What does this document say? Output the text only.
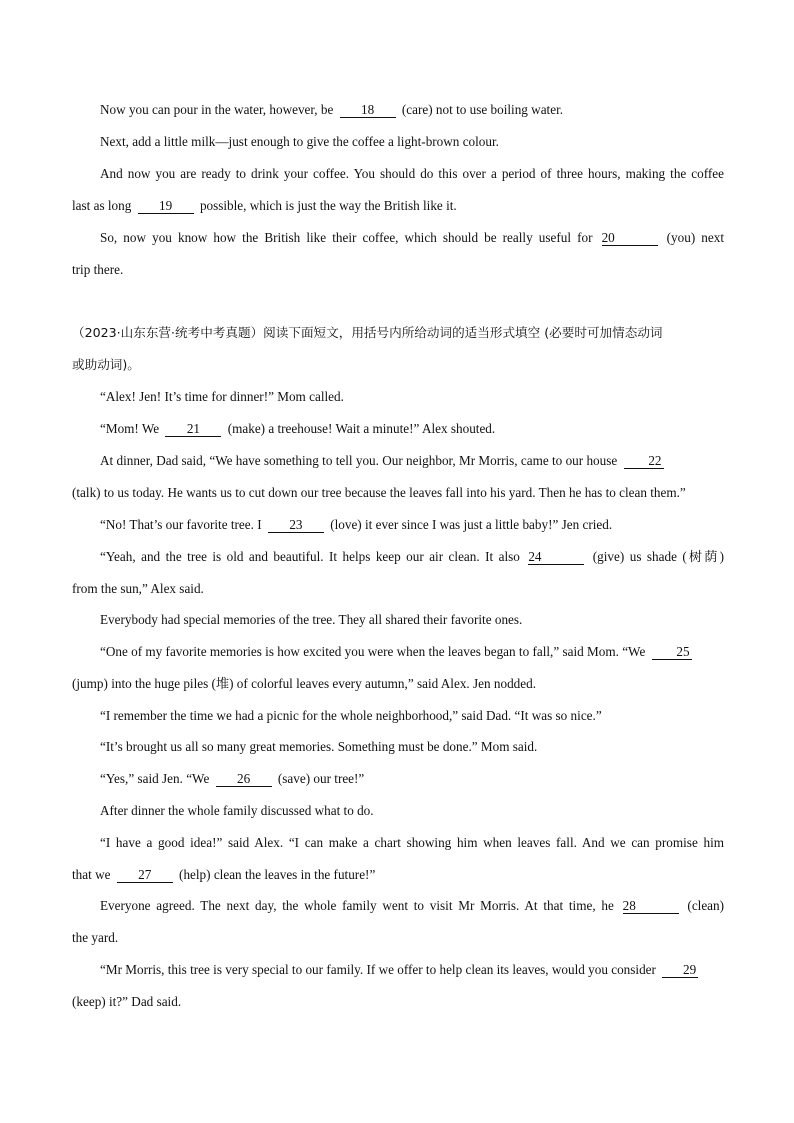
Now you can pour in the water, however, be 18 (care) not to use boiling water.
Next, add a little milk—just enough to give the coffee a light-brown colour.
And now you are ready to drink your coffee. You should do this over a period of three hours, making the coffee
last as long 19 possible, which is just the way the British like it.
So, now you know how the British like their coffee, which should be really useful for 20	(you) next
trip there.
（2023·山东东营·统考中考真题）阅读下面短文，用括号内所给动词的适当形式填空 (必要时可加情态动词
或助动词)。
“Alex! Jen! It’s time for dinner!” Mom called.
“Mom! We 21 (make) a treehouse! Wait a minute!” Alex shouted.
At dinner, Dad said, “We have something to tell you. Our neighbor, Mr Morris, came to our house 22
(talk) to us today. He wants us to cut down our tree because the leaves fall into his yard. Then he has to clean them.”
“No! That’s our favorite tree. I 23 (love) it ever since I was just a little baby!” Jen cried.
“Yeah, and the tree is old and beautiful. It helps keep our air clean. It also 24	(give) us shade (树荫)
from the sun,” Alex said.
Everybody had special memories of the tree. They all shared their favorite ones.
“One of my favorite memories is how excited you were when the leaves began to fall,” said Mom. “We 25
(jump) into the huge piles (堆) of colorful leaves every autumn,” said Alex. Jen nodded.
“I remember the time we had a picnic for the whole neighborhood,” said Dad. “It was so nice.”
“It’s brought us all so many great memories. Something must be done.” Mom said.
“Yes,” said Jen. “We 26 (save) our tree!”
After dinner the whole family discussed what to do.
“I have a good idea!” said Alex. “I can make a chart showing him when leaves fall. And we can promise him
that we 27 (help) clean the leaves in the future!”
Everyone agreed. The next day, the whole family went to visit Mr Morris. At that time, he 28	(clean)
the yard.
“Mr Morris, this tree is very special to our family. If we offer to help clean its leaves, would you consider 29
(keep) it?” Dad said.
